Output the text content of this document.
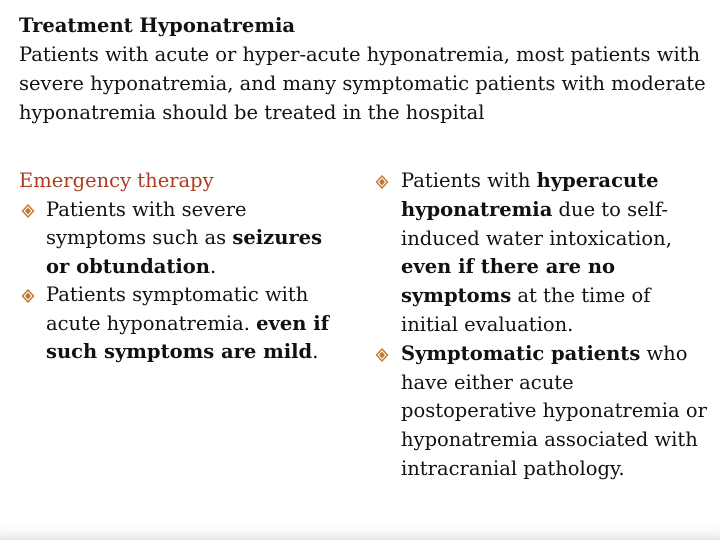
Treatment Hyponatremia
Patients with acute or hyper-acute hyponatremia, most patients with severe hyponatremia, and many symptomatic patients with moderate hyponatremia should be treated in the hospital
Emergency therapy
Patients with severe symptoms such as seizures or obtundation.
Patients symptomatic with acute hyponatremia. even if such symptoms are mild.
Patients with hyperacute hyponatremia due to self-induced water intoxication, even if there are no symptoms at the time of initial evaluation.
Symptomatic patients who have either acute postoperative hyponatremia or hyponatremia associated with intracranial pathology.
